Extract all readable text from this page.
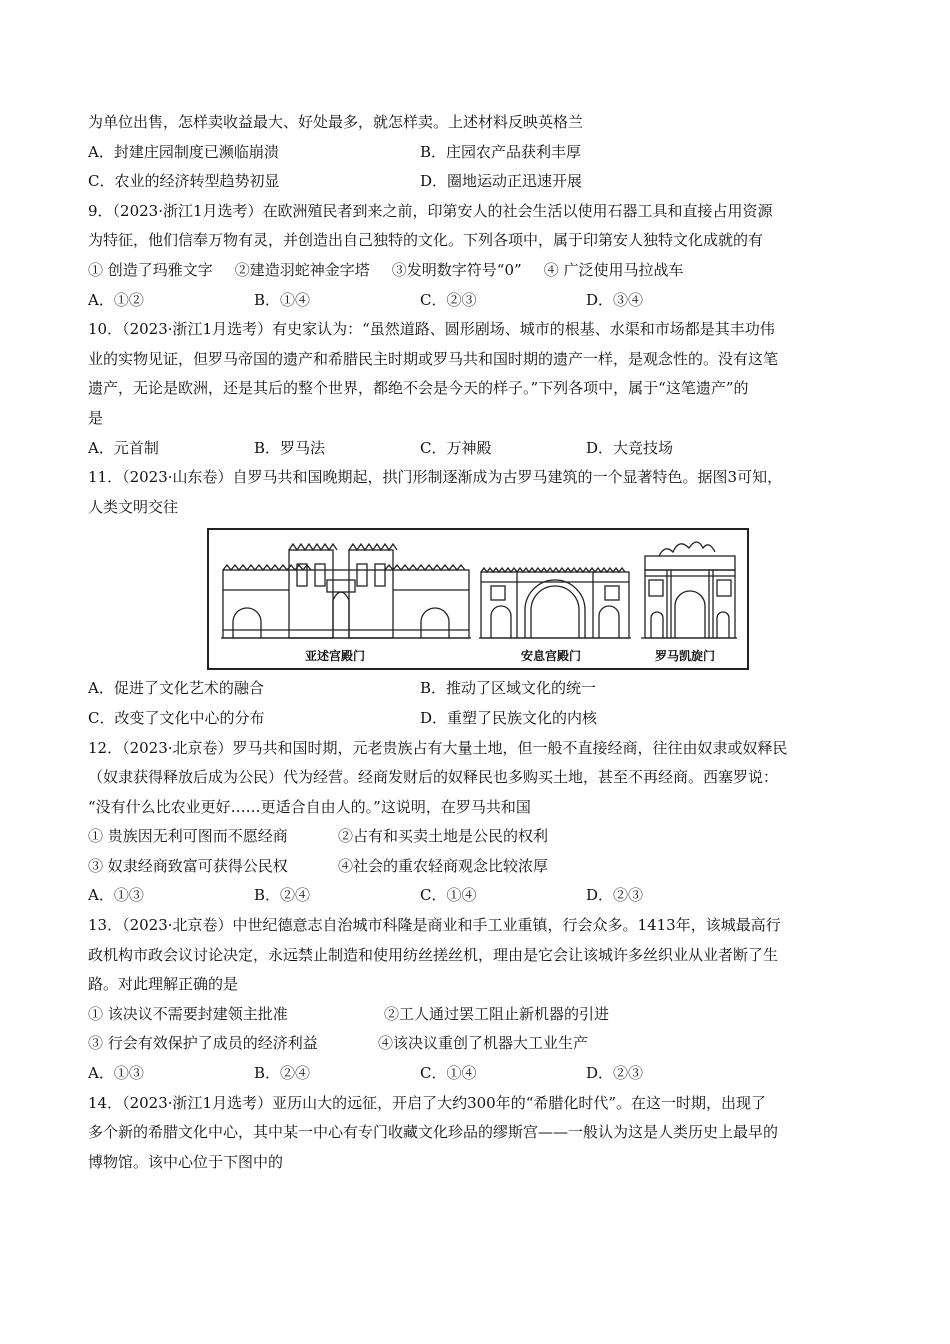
为单位出售，怎样卖收益最大、好处最多，就怎样卖。上述材料反映英格兰
A．封建庄园制度已濒临崩溃	B．庄园农产品获利丰厚
C．农业的经济转型趋势初显	D．圈地运动正迅速开展
9．（2023·浙江1月选考）在欧洲殖民者到来之前，印第安人的社会生活以使用石器工具和直接占用资源
为特征，他们信奉万物有灵，并创造出自己独特的文化。下列各项中，属于印第安人独特文化成就的有
① 创造了玛雅文字 ②建造羽蛇神金字塔 ③发明数字符号“0” ④ 广泛使用马拉战车
A．①②	B．①④	C．②③	D．③④
10．（2023·浙江1月选考）有史家认为：“虽然道路、圆形剧场、城市的根基、水渠和市场都是其丰功伟
业的实物见证，但罗马帝国的遗产和希腊民主时期或罗马共和国时期的遗产一样，是观念性的。没有这笔
遗产，无论是欧洲，还是其后的整个世界，都绝不会是今天的样子。”下列各项中，属于“这笔遗产”的
是
A．元首制	B．罗马法	C．万神殿	D．大竞技场
11．（2023·山东卷）自罗马共和国晚期起，拱门形制逐渐成为古罗马建筑的一个显著特色。据图3可知，
人类文明交往
亚述宫殿门	安息宫殿门	罗马凯旋门
A．促进了文化艺术的融合	B．推动了区域文化的统一
C．改变了文化中心的分布	D．重塑了民族文化的内核
12．（2023·北京卷）罗马共和国时期，元老贵族占有大量土地，但一般不直接经商，往往由奴隶或奴释民
（奴隶获得释放后成为公民）代为经营。经商发财后的奴释民也多购买土地，甚至不再经商。西塞罗说：
“没有什么比农业更好……更适合自由人的。”这说明，在罗马共和国
① 贵族因无利可图而不愿经商	②占有和买卖土地是公民的权利
③ 奴隶经商致富可获得公民权	④社会的重农轻商观念比较浓厚
A．①③	B．②④	C．①④	D．②③
13．（2023·北京卷）中世纪德意志自治城市科隆是商业和手工业重镇，行会众多。1413年，该城最高行
政机构市政会议讨论决定，永远禁止制造和使用纺丝搓丝机，理由是它会让该城许多丝织业从业者断了生
路。对此理解正确的是
① 该决议不需要封建领主批准	②工人通过罢工阻止新机器的引进
③ 行会有效保护了成员的经济利益	④该决议重创了机器大工业生产
A．①③	B．②④	C．①④	D．②③
14．（2023·浙江1月选考）亚历山大的远征，开启了大约300年的“希腊化时代”。在这一时期，出现了
多个新的希腊文化中心，其中某一中心有专门收藏文化珍品的缪斯宫——一般认为这是人类历史上最早的
博物馆。该中心位于下图中的
